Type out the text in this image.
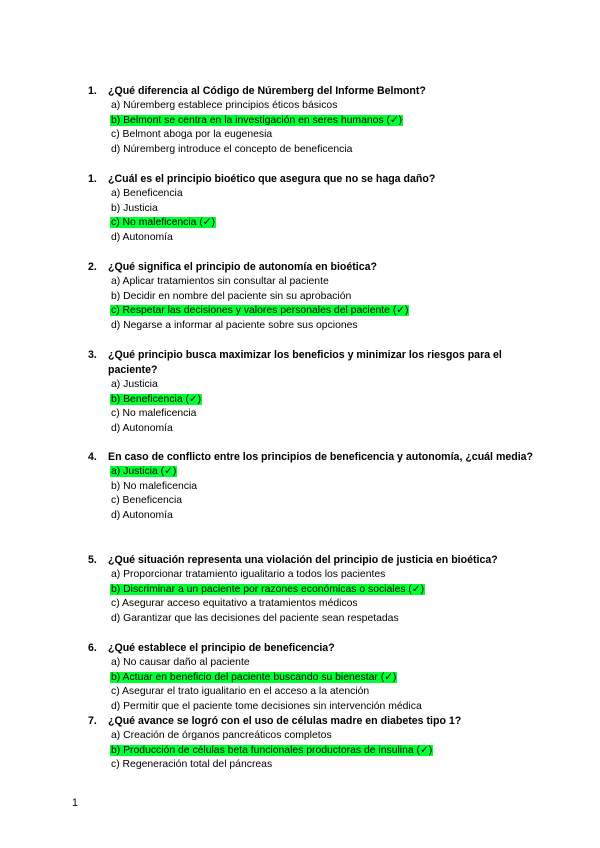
1.	¿Qué diferencia al Código de Núremberg del Informe Belmont?
a) Núremberg establece principios éticos básicos
b) Belmont se centra en la investigación en seres humanos (✓)
c) Belmont aboga por la eugenesia
d) Núremberg introduce el concepto de beneficencia
1.	¿Cuál es el principio bioético que asegura que no se haga daño?
a) Beneficencia
b) Justicia
c) No maleficencia (✓)
d) Autonomía
2.	¿Qué significa el principio de autonomía en bioética?
a) Aplicar tratamientos sin consultar al paciente
b) Decidir en nombre del paciente sin su aprobación
c) Respetar las decisiones y valores personales del paciente (✓)
d) Negarse a informar al paciente sobre sus opciones
3.	¿Qué principio busca maximizar los beneficios y minimizar los riesgos para el paciente?
a) Justicia
b) Beneficencia (✓)
c) No maleficencia
d) Autonomía
4.	En caso de conflicto entre los principios de beneficencia y autonomía, ¿cuál media?
a) Justicia (✓)
b) No maleficencia
c) Beneficencia
d) Autonomía
5.	¿Qué situación representa una violación del principio de justicia en bioética?
a) Proporcionar tratamiento igualitario a todos los pacientes
b) Discriminar a un paciente por razones económicas o sociales (✓)
c) Asegurar acceso equitativo a tratamientos médicos
d) Garantizar que las decisiones del paciente sean respetadas
6.	¿Qué establece el principio de beneficencia?
a) No causar daño al paciente
b) Actuar en beneficio del paciente buscando su bienestar (✓)
c) Asegurar el trato igualitario en el acceso a la atención
d) Permitir que el paciente tome decisiones sin intervención médica
7.	¿Qué avance se logró con el uso de células madre en diabetes tipo 1?
a) Creación de órganos pancreáticos completos
b) Producción de células beta funcionales productoras de insulina (✓)
c) Regeneración total del páncreas
1
